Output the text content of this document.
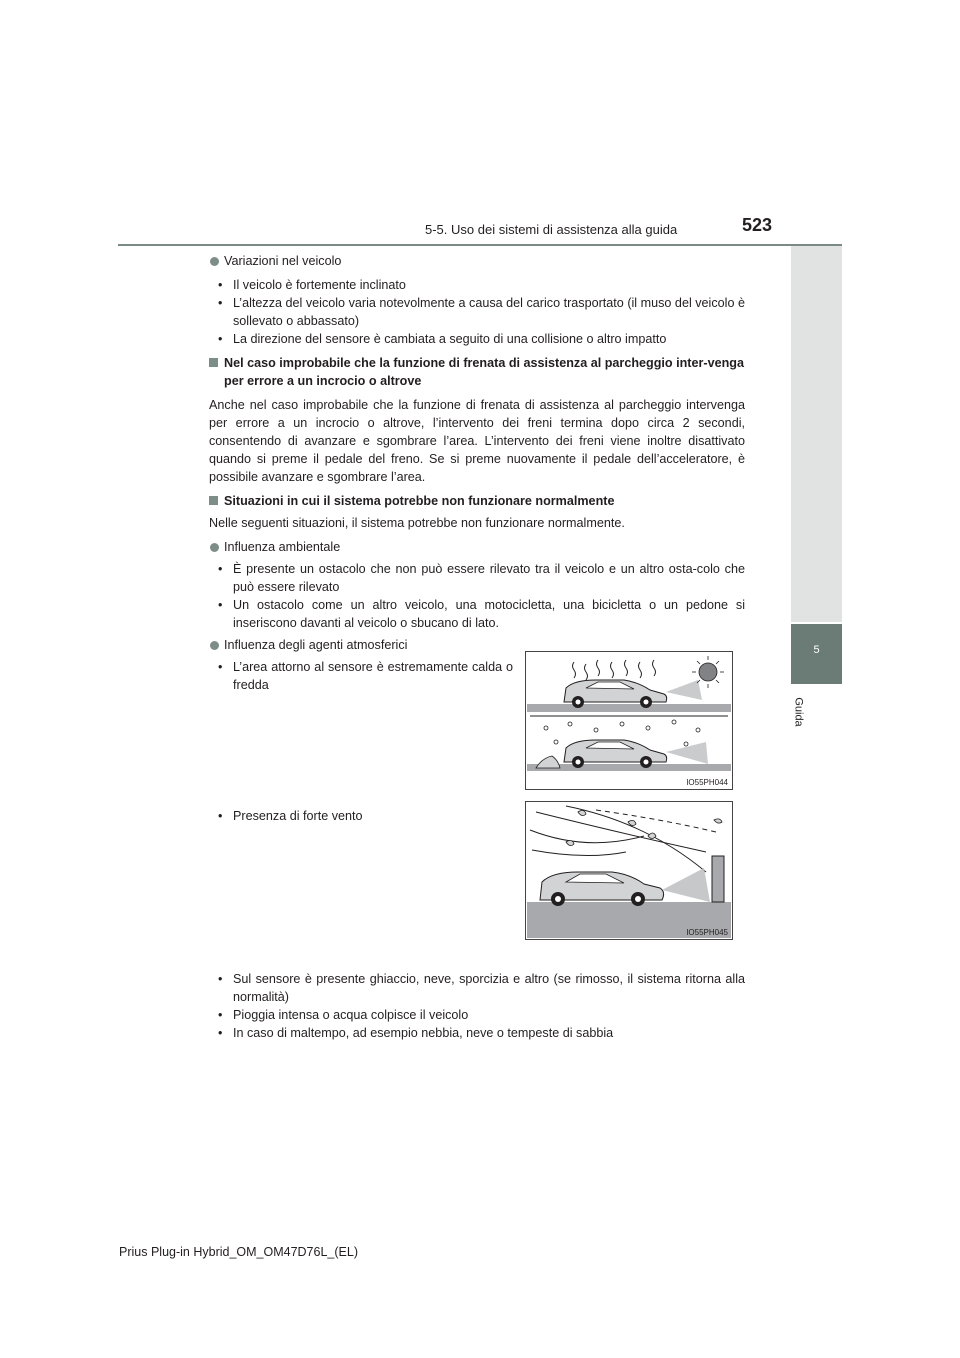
5-5. Uso dei sistemi di assistenza alla guida	523
5
Guida

Variazioni nel veicolo

• Il veicolo è fortemente inclinato

• L’altezza del veicolo varia notevolmente a causa del carico trasportato (il muso del veicolo è sollevato o abbassato)

• La direzione del sensore è cambiata a seguito di una collisione o altro impatto

Nel caso improbabile che la funzione di frenata di assistenza al parcheggio inter-venga per errore a un incrocio o altrove

Anche nel caso improbabile che la funzione di frenata di assistenza al parcheggio intervenga per errore a un incrocio o altrove, l’intervento dei freni termina dopo circa 2 secondi, consentendo di avanzare e sgombrare l’area. L’intervento dei freni viene inoltre disattivato quando si preme il pedale del freno. Se si preme nuovamente il pedale dell’acceleratore, è possibile avanzare e sgombrare l’area.

Situazioni in cui il sistema potrebbe non funzionare normalmente

Nelle seguenti situazioni, il sistema potrebbe non funzionare normalmente.

Influenza ambientale

• È presente un ostacolo che non può essere rilevato tra il veicolo e un altro osta-colo che può essere rilevato

• Un ostacolo come un altro veicolo, una motocicletta, una bicicletta o un pedone si inseriscono davanti al veicolo o sbucano di lato.

Influenza degli agenti atmosferici

• L’area attorno al sensore è estremamente calda o fredda

• Presenza di forte vento

• Sul sensore è presente ghiaccio, neve, sporcizia e altro (se rimosso, il sistema ritorna alla normalità)

• Pioggia intensa o acqua colpisce il veicolo

• In caso di maltempo, ad esempio nebbia, neve o tempeste di sabbia

IO55PH044
IO55PH045
Prius Plug-in Hybrid_OM_OM47D76L_(EL)
